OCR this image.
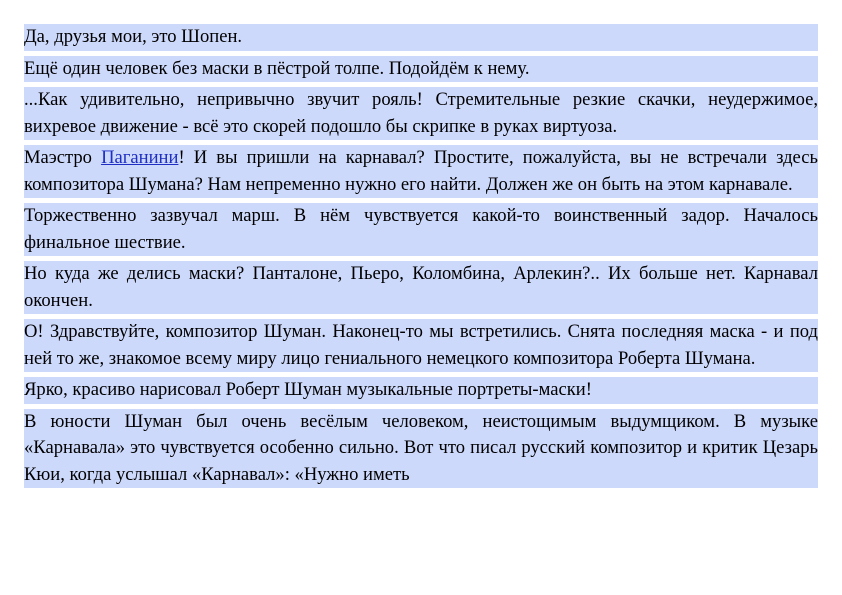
Да, друзья мои, это Шопен.

Ещё один человек без маски в пёстрой толпе. Подойдём к нему.

...Как удивительно, непривычно звучит рояль! Стремительные резкие скачки, неудержимое, вихревое движение - всё это скорей подошло бы скрипке в руках виртуоза.

Маэстро Паганини! И вы пришли на карнавал? Простите, пожалуйста, вы не встречали здесь композитора Шумана? Нам непременно нужно его найти. Должен же он быть на этом карнавале.

Торжественно зазвучал марш. В нём чувствуется какой-то воинственный задор. Началось финальное шествие.

Но куда же делись маски? Панталоне, Пьеро, Коломбина, Арлекин?.. Их больше нет. Карнавал окончен.

О! Здравствуйте, композитор Шуман. Наконец-то мы встретились. Снята последняя маска - и под ней то же, знакомое всему миру лицо гениального немецкого композитора Роберта Шумана.

Ярко, красиво нарисовал Роберт Шуман музыкальные портреты-маски!

В юности Шуман был очень весёлым человеком, неистощимым выдумщиком. В музыке «Карнавала» это чувствуется особенно сильно. Вот что писал русский композитор и критик Цезарь Кюи, когда услышал «Карнавал»: «Нужно иметь
